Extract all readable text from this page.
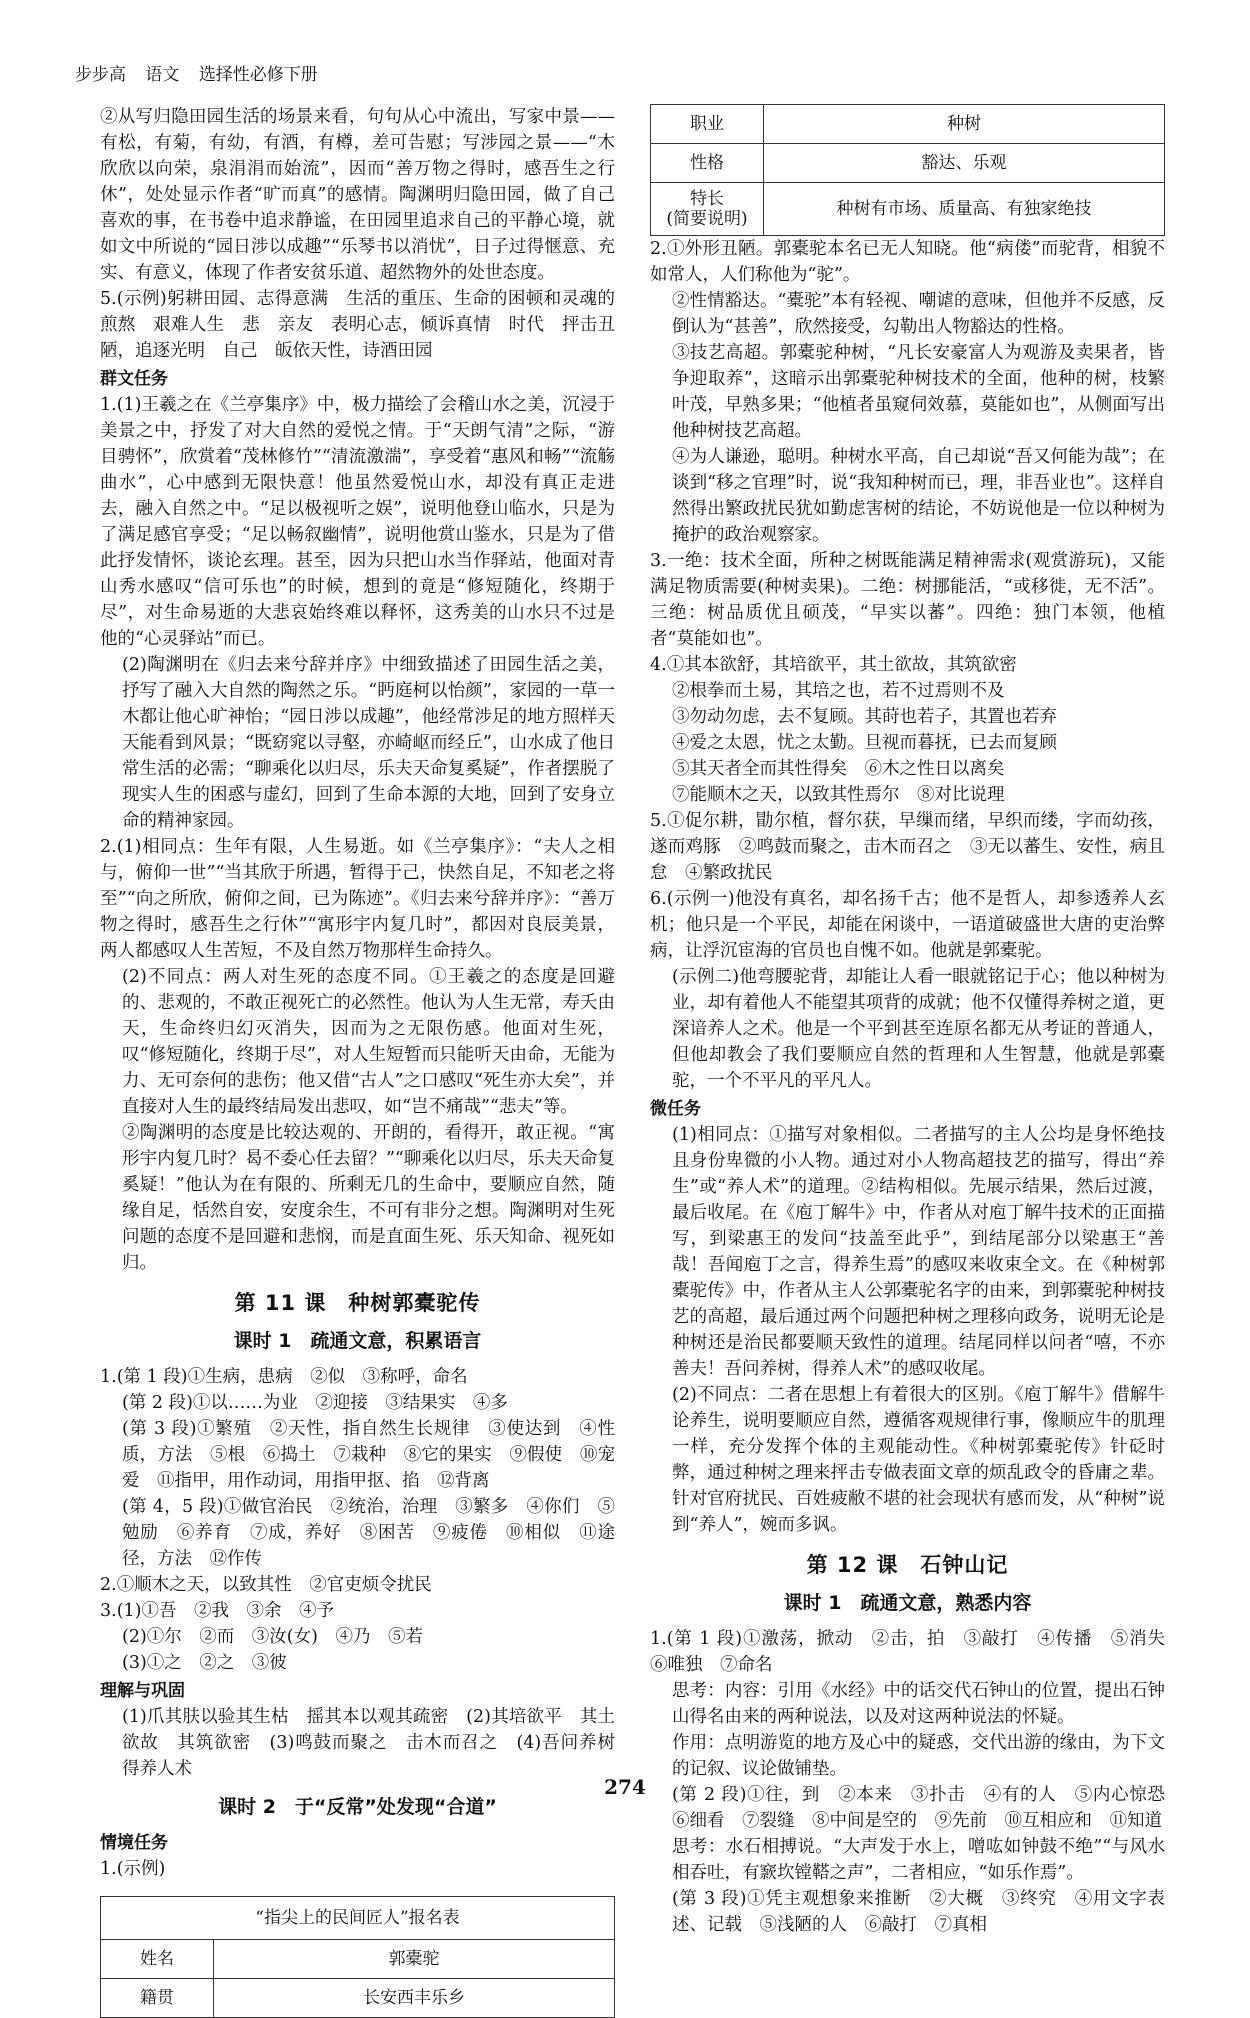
步步高 语文 选择性必修下册

②从写归隐田园生活的场景来看，句句从心中流出，写家中景——有松，有菊，有幼，有酒，有樽，差可告慰；写涉园之景——“木欣欣以向荣，泉涓涓而始流”，因而“善万物之得时，感吾生之行休”，处处显示作者“旷而真”的感情。陶渊明归隐田园，做了自己喜欢的事，在书卷中追求静谧，在田园里追求自己的平静心境，就如文中所说的“园日涉以成趣”“乐琴书以消忧”，日子过得惬意、充实、有意义，体现了作者安贫乐道、超然物外的处世态度。

5.(示例)躬耕田园、志得意满　生活的重压、生命的困顿和灵魂的煎熬　艰难人生　悲　亲友　表明心志，倾诉真情　时代　抨击丑陋，追逐光明　自己　皈依天性，诗酒田园

群文任务

1.(1)王羲之在《兰亭集序》中，极力描绘了会稽山水之美，沉浸于美景之中，抒发了对大自然的爱悦之情。于“天朗气清”之际，“游目骋怀”，欣赏着“茂林修竹”“清流激湍”，享受着“惠风和畅”“流觞曲水”，心中感到无限快意！他虽然爱悦山水，却没有真正走进去，融入自然之中。“足以极视听之娱”，说明他登山临水，只是为了满足感官享受；“足以畅叙幽情”，说明他赏山鉴水，只是为了借此抒发情怀，谈论玄理。甚至，因为只把山水当作驿站，他面对青山秀水感叹“信可乐也”的时候，想到的竟是“修短随化，终期于尽”，对生命易逝的大悲哀始终难以释怀，这秀美的山水只不过是他的“心灵驿站”而已。

(2)陶渊明在《归去来兮辞并序》中细致描述了田园生活之美，抒写了融入大自然的陶然之乐。“眄庭柯以怡颜”，家园的一草一木都让他心旷神怡；“园日涉以成趣”，他经常涉足的地方照样天天能看到风景；“既窈窕以寻壑，亦崎岖而经丘”，山水成了他日常生活的必需；“聊乘化以归尽，乐夫天命复奚疑”，作者摆脱了现实人生的困惑与虚幻，回到了生命本源的大地，回到了安身立命的精神家园。

2.(1)相同点：生年有限，人生易逝。如《兰亭集序》：“夫人之相与，俯仰一世”“当其欣于所遇，暂得于己，快然自足，不知老之将至”“向之所欣，俯仰之间，已为陈迹”。《归去来兮辞并序》：“善万物之得时，感吾生之行休”“寓形宇内复几时”，都因对良辰美景，两人都感叹人生苦短，不及自然万物那样生命持久。

(2)不同点：两人对生死的态度不同。①王羲之的态度是回避的、悲观的，不敢正视死亡的必然性。他认为人生无常，寿夭由天，生命终归幻灭消失，因而为之无限伤感。他面对生死，叹“修短随化，终期于尽”，对人生短暂而只能听天由命，无能为力、无可奈何的悲伤；他又借“古人”之口感叹“死生亦大矣”，并直接对人生的最终结局发出悲叹，如“岂不痛哉”“悲夫”等。

②陶渊明的态度是比较达观的、开朗的，看得开，敢正视。“寓形宇内复几时？曷不委心任去留？”“聊乘化以归尽，乐夫天命复奚疑！”他认为在有限的、所剩无几的生命中，要顺应自然，随缘自足，恬然自安，安度余生，不可有非分之想。陶渊明对生死问题的态度不是回避和悲悯，而是直面生死、乐天知命、视死如归。

第 11 课　种树郭橐驼传
课时 1　疏通文意，积累语言

1.(第 1 段)①生病，患病　②似　③称呼，命名

(第 2 段)①以……为业　②迎接　③结果实　④多

(第 3 段)①繁殖　②天性，指自然生长规律　③使达到　④性质，方法　⑤根　⑥捣土　⑦栽种　⑧它的果实　⑨假使　⑩宠爱　⑪指甲，用作动词，用指甲抠、掐　⑫背离

(第 4，5 段)①做官治民　②统治，治理　③繁多　④你们　⑤勉励　⑥养育　⑦成，养好　⑧困苦　⑨疲倦　⑩相似　⑪途径，方法　⑫作传

2.①顺木之天，以致其性　②官吏烦令扰民

3.(1)①吾　②我　③余　④予

(2)①尔　②而　③汝(女)　④乃　⑤若

(3)①之　②之　③彼

理解与巩固

(1)爪其肤以验其生枯　摇其本以观其疏密　(2)其培欲平　其土欲故　其筑欲密　(3)鸣鼓而聚之　击木而召之　(4)吾问养树　得养人术

课时 2　于“反常”处发现“合道”
情境任务

1.(示例)

“指尖上的民间匠人”报名表
姓名	郭橐驼
籍贯	长安西丰乐乡
职业	种树
性格	豁达、乐观
特长
(简要说明)	种树有市场、质量高、有独家绝技

2.①外形丑陋。郭橐驼本名已无人知晓。他“病偻”而驼背，相貌不如常人，人们称他为“驼”。

②性情豁达。“橐驼”本有轻视、嘲谑的意味，但他并不反感，反倒认为“甚善”，欣然接受，勾勒出人物豁达的性格。

③技艺高超。郭橐驼种树，“凡长安豪富人为观游及卖果者，皆争迎取养”，这暗示出郭橐驼种树技术的全面，他种的树，枝繁叶茂，早熟多果；“他植者虽窥伺效慕，莫能如也”，从侧面写出他种树技艺高超。

④为人谦逊，聪明。种树水平高，自己却说“吾又何能为哉”；在谈到“移之官理”时，说“我知种树而已，理，非吾业也”。这样自然得出繁政扰民犹如勤虑害树的结论，不妨说他是一位以种树为掩护的政治观察家。

3.一绝：技术全面，所种之树既能满足精神需求(观赏游玩)，又能满足物质需要(种树卖果)。二绝：树挪能活，“或移徙，无不活”。三绝：树品质优且硕茂，“早实以蕃”。四绝：独门本领，他植者“莫能如也”。

4.①其本欲舒，其培欲平，其土欲故，其筑欲密

②根拳而土易，其培之也，若不过焉则不及

③勿动勿虑，去不复顾。其莳也若子，其置也若弃

④爱之太恩，忧之太勤。旦视而暮抚，已去而复顾

⑤其天者全而其性得矣　⑥木之性日以离矣

⑦能顺木之天，以致其性焉尔　⑧对比说理

5.①促尔耕，勖尔植，督尔获，早缫而绪，早织而缕，字而幼孩，遂而鸡豚　②鸣鼓而聚之，击木而召之　③无以蕃生、安性，病且怠　④繁政扰民

6.(示例一)他没有真名，却名扬千古；他不是哲人，却参透养人玄机；他只是一个平民，却能在闲谈中，一语道破盛世大唐的吏治弊病，让浮沉宦海的官员也自愧不如。他就是郭橐驼。

(示例二)他弯腰驼背，却能让人看一眼就铭记于心；他以种树为业，却有着他人不能望其项背的成就；他不仅懂得养树之道，更深谙养人之术。他是一个平到甚至连原名都无从考证的普通人，但他却教会了我们要顺应自然的哲理和人生智慧，他就是郭橐驼，一个不平凡的平凡人。

微任务

(1)相同点：①描写对象相似。二者描写的主人公均是身怀绝技且身份卑微的小人物。通过对小人物高超技艺的描写，得出“养生”或“养人术”的道理。②结构相似。先展示结果，然后过渡，最后收尾。在《庖丁解牛》中，作者从对庖丁解牛技术的正面描写，到梁惠王的发问“技盖至此乎”，到结尾部分以梁惠王“善哉！吾闻庖丁之言，得养生焉”的感叹来收束全文。在《种树郭橐驼传》中，作者从主人公郭橐驼名字的由来，到郭橐驼种树技艺的高超，最后通过两个问题把种树之理移向政务，说明无论是种树还是治民都要顺天致性的道理。结尾同样以问者“嘻，不亦善夫！吾问养树，得养人术”的感叹收尾。

(2)不同点：二者在思想上有着很大的区别。《庖丁解牛》借解牛论养生，说明要顺应自然，遵循客观规律行事，像顺应牛的肌理一样，充分发挥个体的主观能动性。《种树郭橐驼传》针砭时弊，通过种树之理来抨击专做表面文章的烦乱政令的昏庸之辈。针对官府扰民、百姓疲敝不堪的社会现状有感而发，从“种树”说到“养人”，婉而多讽。

第 12 课　石钟山记
课时 1　疏通文意，熟悉内容

1.(第 1 段)①激荡，掀动　②击，拍　③敲打　④传播　⑤消失　⑥唯独　⑦命名

思考：内容：引用《水经》中的话交代石钟山的位置，提出石钟山得名由来的两种说法，以及对这两种说法的怀疑。

作用：点明游览的地方及心中的疑惑，交代出游的缘由，为下文的记叙、议论做铺垫。

(第 2 段)①往，到　②本来　③扑击　④有的人　⑤内心惊恐　⑥细看　⑦裂缝　⑧中间是空的　⑨先前　⑩互相应和　⑪知道

思考：水石相搏说。“大声发于水上，噌吰如钟鼓不绝”“与风水相吞吐，有窾坎镗鞳之声”，二者相应，“如乐作焉”。

(第 3 段)①凭主观想象来推断　②大概　③终究　④用文字表述、记载　⑤浅陋的人　⑥敲打　⑦真相

274
